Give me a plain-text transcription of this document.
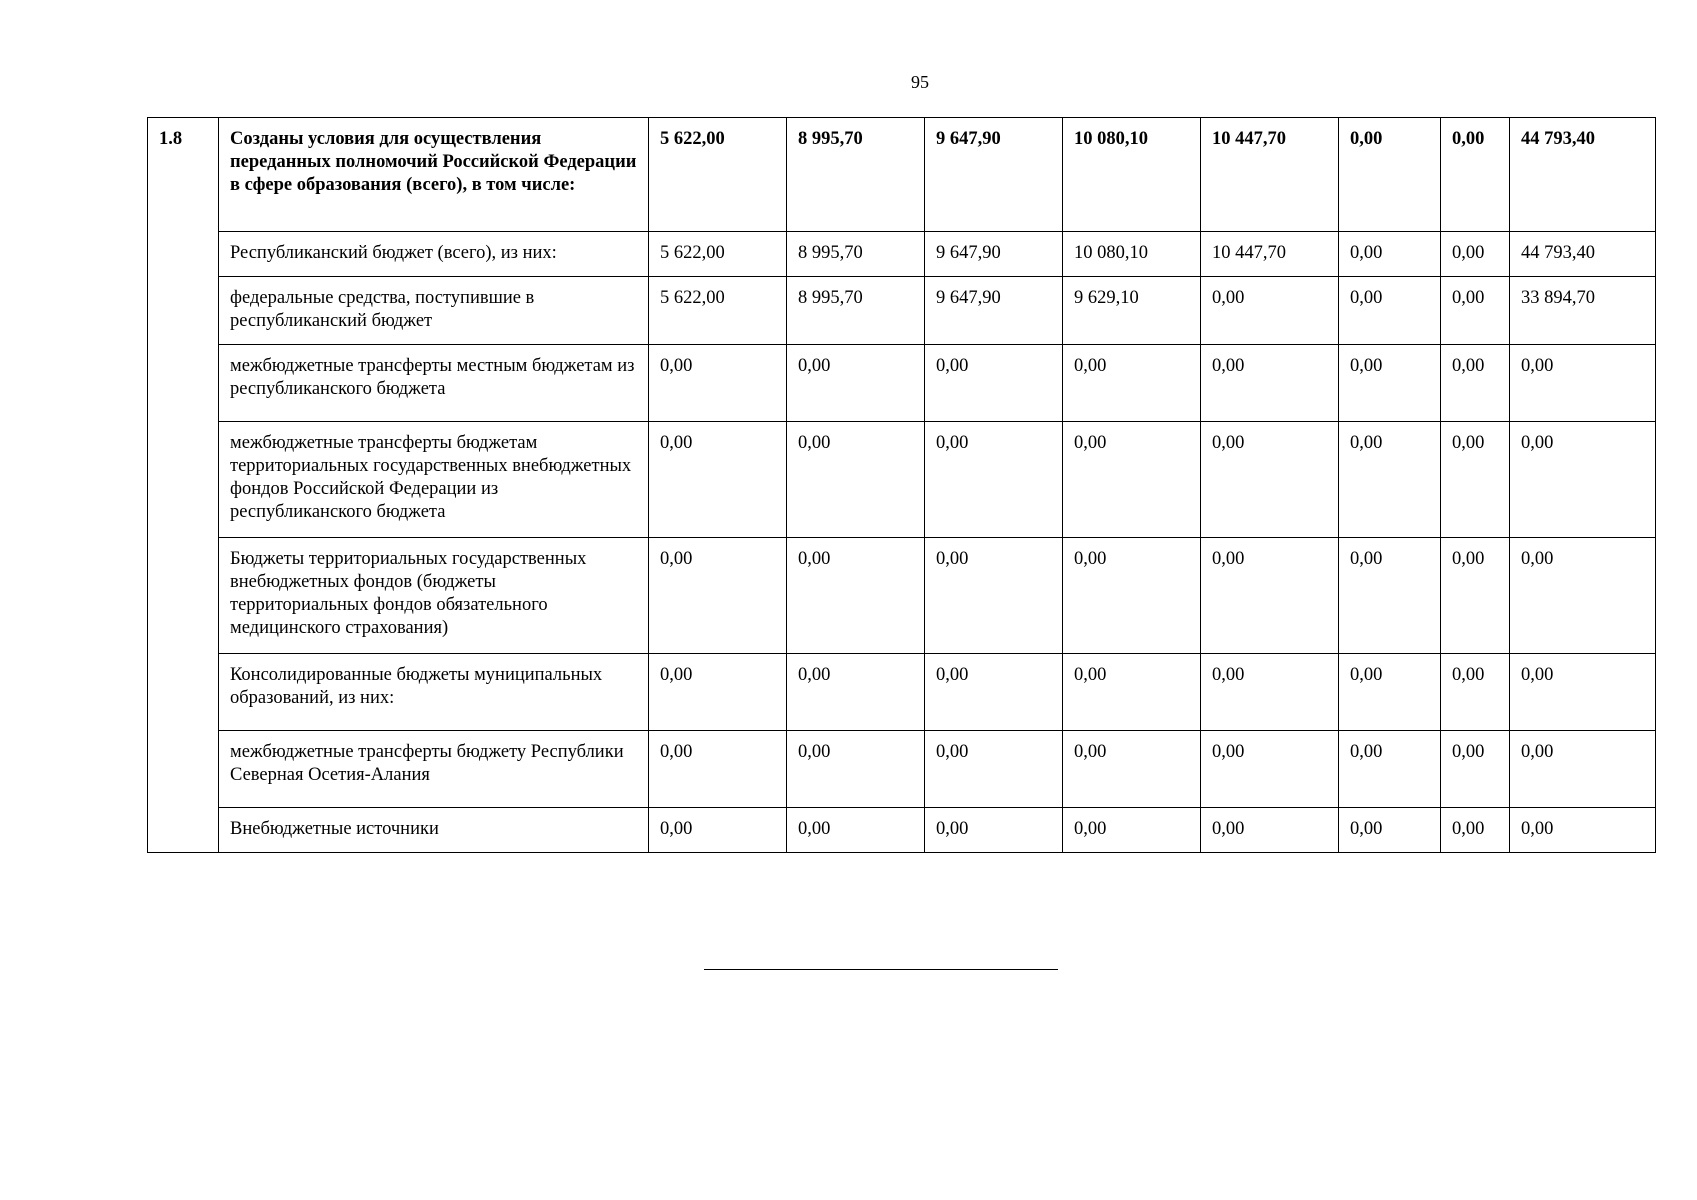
95
1.8	Созданы условия для осуществления переданных полномочий Российской Федерации в сфере образования (всего), в том числе:	5 622,00	8 995,70	9 647,90	10 080,10	10 447,70	0,00	0,00	44 793,40
	Республиканский бюджет (всего), из них:	5 622,00	8 995,70	9 647,90	10 080,10	10 447,70	0,00	0,00	44 793,40
	федеральные средства, поступившие в республиканский бюджет	5 622,00	8 995,70	9 647,90	9 629,10	0,00	0,00	0,00	33 894,70
	межбюджетные трансферты местным бюджетам из республиканского бюджета	0,00	0,00	0,00	0,00	0,00	0,00	0,00	0,00
	межбюджетные трансферты бюджетам территориальных государственных внебюджетных фондов Российской Федерации из республиканского бюджета	0,00	0,00	0,00	0,00	0,00	0,00	0,00	0,00
	Бюджеты территориальных государственных внебюджетных фондов (бюджеты территориальных фондов обязательного медицинского страхования)	0,00	0,00	0,00	0,00	0,00	0,00	0,00	0,00
	Консолидированные бюджеты муниципальных образований, из них:	0,00	0,00	0,00	0,00	0,00	0,00	0,00	0,00
	межбюджетные трансферты бюджету Республики Северная Осетия-Алания	0,00	0,00	0,00	0,00	0,00	0,00	0,00	0,00
	Внебюджетные источники	0,00	0,00	0,00	0,00	0,00	0,00	0,00	0,00
